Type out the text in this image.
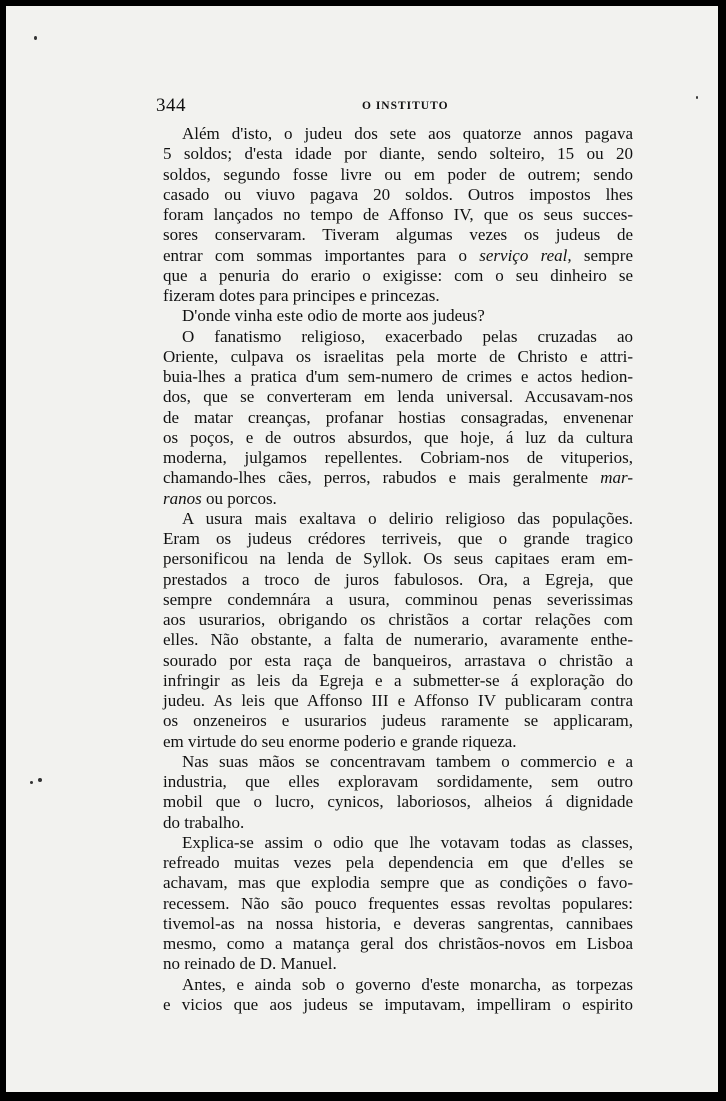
344	O INSTITUTO
Além d'isto, o judeu dos sete aos quatorze annos pagava
5 soldos; d'esta idade por diante, sendo solteiro, 15 ou 20
soldos, segundo fosse livre ou em poder de outrem; sendo
casado ou viuvo pagava 20 soldos. Outros impostos lhes
foram lançados no tempo de Affonso IV, que os seus succes-
sores conservaram. Tiveram algumas vezes os judeus de
entrar com sommas importantes para o serviço real, sempre
que a penuria do erario o exigisse: com o seu dinheiro se
fizeram dotes para principes e princezas.
D'onde vinha este odio de morte aos judeus?
O fanatismo religioso, exacerbado pelas cruzadas ao
Oriente, culpava os israelitas pela morte de Christo e attri-
buia-lhes a pratica d'um sem-numero de crimes e actos hedion-
dos, que se converteram em lenda universal. Accusavam-nos
de matar creanças, profanar hostias consagradas, envenenar
os poços, e de outros absurdos, que hoje, á luz da cultura
moderna, julgamos repellentes. Cobriam-nos de vituperios,
chamando-lhes cães, perros, rabudos e mais geralmente mar-
ranos ou porcos.
A usura mais exaltava o delirio religioso das populações.
Eram os judeus crédores terriveis, que o grande tragico
personificou na lenda de Syllok. Os seus capitaes eram em-
prestados a troco de juros fabulosos. Ora, a Egreja, que
sempre condemnára a usura, comminou penas severissimas
aos usurarios, obrigando os christãos a cortar relações com
elles. Não obstante, a falta de numerario, avaramente enthe-
sourado por esta raça de banqueiros, arrastava o christão a
infringir as leis da Egreja e a submetter-se á exploração do
judeu. As leis que Affonso III e Affonso IV publicaram contra
os onzeneiros e usurarios judeus raramente se applicaram,
em virtude do seu enorme poderio e grande riqueza.
Nas suas mãos se concentravam tambem o commercio e a
industria, que elles exploravam sordidamente, sem outro
mobil que o lucro, cynicos, laboriosos, alheios á dignidade
do trabalho.
Explica-se assim o odio que lhe votavam todas as classes,
refreado muitas vezes pela dependencia em que d'elles se
achavam, mas que explodia sempre que as condições o favo-
recessem. Não são pouco frequentes essas revoltas populares:
tivemol-as na nossa historia, e deveras sangrentas, cannibaes
mesmo, como a matança geral dos christãos-novos em Lisboa
no reinado de D. Manuel.
Antes, e ainda sob o governo d'este monarcha, as torpezas
e vicios que aos judeus se imputavam, impelliram o espirito
